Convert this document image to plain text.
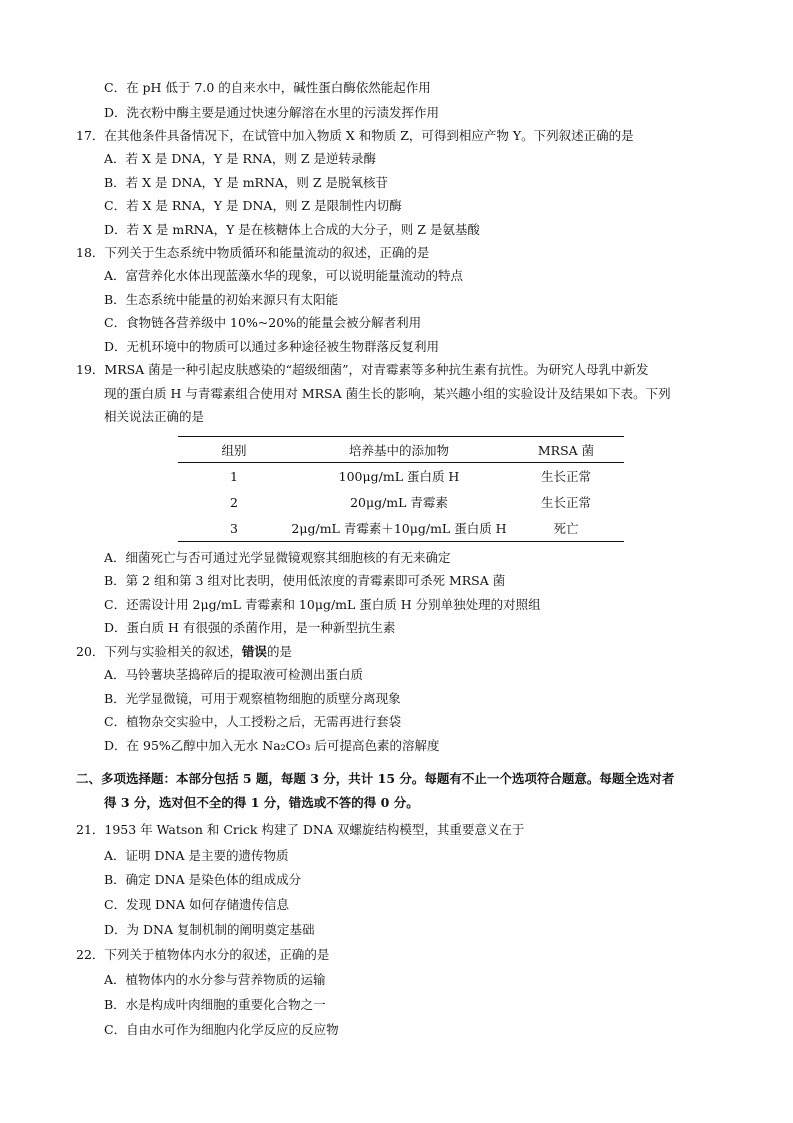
C．在 pH 低于 7.0 的自来水中，碱性蛋白酶依然能起作用
D．洗衣粉中酶主要是通过快速分解溶在水里的污渍发挥作用
17．在其他条件具备情况下，在试管中加入物质 X 和物质 Z，可得到相应产物 Y。下列叙述正确的是
A．若 X 是 DNA，Y 是 RNA，则 Z 是逆转录酶
B．若 X 是 DNA，Y 是 mRNA，则 Z 是脱氧核苷
C．若 X 是 RNA，Y 是 DNA，则 Z 是限制性内切酶
D．若 X 是 mRNA，Y 是在核糖体上合成的大分子，则 Z 是氨基酸
18．下列关于生态系统中物质循环和能量流动的叙述，正确的是
A．富营养化水体出现蓝藻水华的现象，可以说明能量流动的特点
B．生态系统中能量的初始来源只有太阳能
C．食物链各营养级中 10%~20%的能量会被分解者利用
D．无机环境中的物质可以通过多种途径被生物群落反复利用
19．MRSA 菌是一种引起皮肤感染的“超级细菌”，对青霉素等多种抗生素有抗性。为研究人母乳中新发
现的蛋白质 H 与青霉素组合使用对 MRSA 菌生长的影响，某兴趣小组的实验设计及结果如下表。下列
相关说法正确的是
组别	培养基中的添加物	MRSA 菌
1	100μg/mL 蛋白质 H	生长正常
2	20μg/mL 青霉素	生长正常
3	2μg/mL 青霉素＋10μg/mL 蛋白质 H	死亡
A．细菌死亡与否可通过光学显微镜观察其细胞核的有无来确定
B．第 2 组和第 3 组对比表明，使用低浓度的青霉素即可杀死 MRSA 菌
C．还需设计用 2μg/mL 青霉素和 10μg/mL 蛋白质 H 分别单独处理的对照组
D．蛋白质 H 有很强的杀菌作用，是一种新型抗生素
20．下列与实验相关的叙述，错误的是
A．马铃薯块茎捣碎后的提取液可检测出蛋白质
B．光学显微镜，可用于观察植物细胞的质壁分离现象
C．植物杂交实验中，人工授粉之后，无需再进行套袋
D．在 95%乙醇中加入无水 Na₂CO₃ 后可提高色素的溶解度
二、多项选择题：本部分包括 5 题，每题 3 分，共计 15 分。每题有不止一个选项符合题意。每题全选对者
得 3 分，选对但不全的得 1 分，错选或不答的得 0 分。
21．1953 年 Watson 和 Crick 构建了 DNA 双螺旋结构模型，其重要意义在于
A．证明 DNA 是主要的遗传物质
B．确定 DNA 是染色体的组成成分
C．发现 DNA 如何存储遗传信息
D．为 DNA 复制机制的阐明奠定基础
22．下列关于植物体内水分的叙述，正确的是
A．植物体内的水分参与营养物质的运输
B．水是构成叶肉细胞的重要化合物之一
C．自由水可作为细胞内化学反应的反应物
